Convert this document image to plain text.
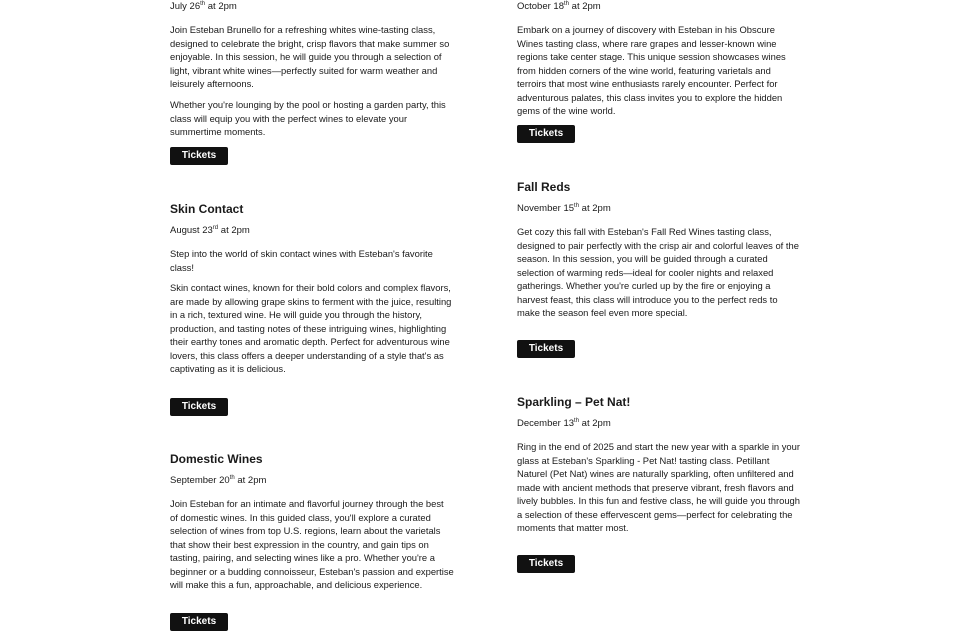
July 26th at 2pm

Join Esteban Brunello for a refreshing whites wine-tasting class, designed to celebrate the bright, crisp flavors that make summer so enjoyable. In this session, he will guide you through a selection of light, vibrant white wines—perfectly suited for warm weather and leisurely afternoons.

Whether you're lounging by the pool or hosting a garden party, this class will equip you with the perfect wines to elevate your summertime moments.

Tickets
Skin Contact

August 23rd at 2pm

Step into the world of skin contact wines with Esteban's favorite class!

Skin contact wines, known for their bold colors and complex flavors, are made by allowing grape skins to ferment with the juice, resulting in a rich, textured wine. He will guide you through the history, production, and tasting notes of these intriguing wines, highlighting their earthy tones and aromatic depth. Perfect for adventurous wine lovers, this class offers a deeper understanding of a style that's as captivating as it is delicious.

Tickets
Domestic Wines

September 20th at 2pm

Join Esteban for an intimate and flavorful journey through the best of domestic wines. In this guided class, you'll explore a curated selection of wines from top U.S. regions, learn about the varietals that show their best expression in the country, and gain tips on tasting, pairing, and selecting wines like a pro. Whether you're a beginner or a budding connoisseur, Esteban's passion and expertise will make this a fun, approachable, and delicious experience.

Tickets

October 18th at 2pm

Embark on a journey of discovery with Esteban in his Obscure Wines tasting class, where rare grapes and lesser-known wine regions take center stage. This unique session showcases wines from hidden corners of the wine world, featuring varietals and terroirs that most wine enthusiasts rarely encounter. Perfect for adventurous palates, this class invites you to explore the hidden gems of the wine world.

Tickets
Fall Reds

November 15th at 2pm

Get cozy this fall with Esteban's Fall Red Wines tasting class, designed to pair perfectly with the crisp air and colorful leaves of the season. In this session, you will be guided through a curated selection of warming reds—ideal for cooler nights and relaxed gatherings. Whether you're curled up by the fire or enjoying a harvest feast, this class will introduce you to the perfect reds to make the season feel even more special.

Tickets
Sparkling – Pet Nat!

December 13th at 2pm

Ring in the end of 2025 and start the new year with a sparkle in your glass at Esteban's Sparkling - Pet Nat! tasting class. Petillant Naturel (Pet Nat) wines are naturally sparkling, often unfiltered and made with ancient methods that preserve vibrant, fresh flavors and lively bubbles. In this fun and festive class, he will guide you through a selection of these effervescent gems—perfect for celebrating the moments that matter most.

Tickets
